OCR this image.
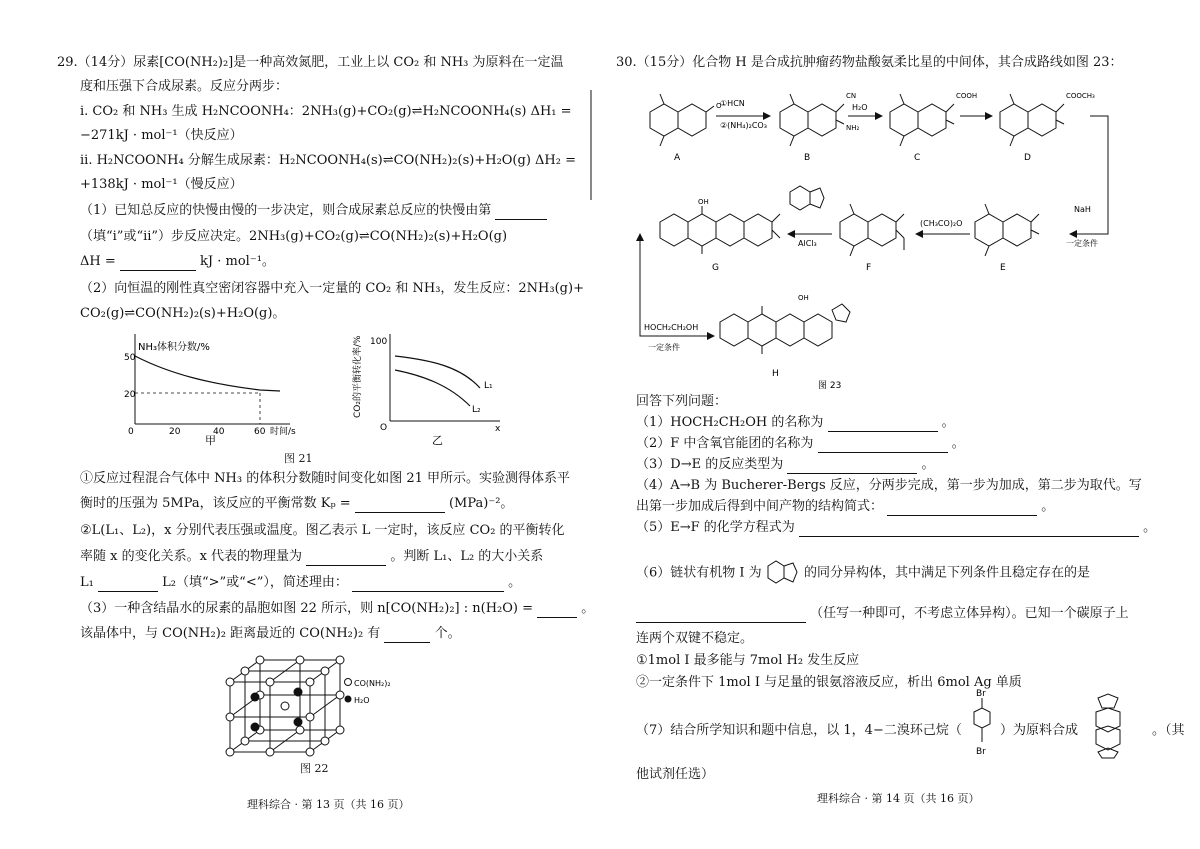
29.（14分）尿素[CO(NH₂)₂]是一种高效氮肥，工业上以 CO₂ 和 NH₃ 为原料在一定温
度和压强下合成尿素。反应分两步：
i. CO₂ 和 NH₃ 生成 H₂NCOONH₄：2NH₃(g)+CO₂(g)⇌H₂NCOONH₄(s) ΔH₁ =
−271kJ · mol⁻¹（快反应）
ii. H₂NCOONH₄ 分解生成尿素：H₂NCOONH₄(s)⇌CO(NH₂)₂(s)+H₂O(g) ΔH₂ =
+138kJ · mol⁻¹（慢反应）
（1）已知总反应的快慢由慢的一步决定，则合成尿素总反应的快慢由第
（填“i”或“ii”）步反应决定。2NH₃(g)+CO₂(g)⇌CO(NH₂)₂(s)+H₂O(g)
ΔH =	kJ · mol⁻¹。
（2）向恒温的刚性真空密闭容器中充入一定量的 CO₂ 和 NH₃，发生反应：2NH₃(g)+
CO₂(g)⇌CO(NH₂)₂(s)+H₂O(g)。
NH₃体积分数/%
50
20
0	20	40	60 时间/s
甲
L₁
L₂
100
x
O
CO₂的平衡转化率/%
乙
图 21
①反应过程混合气体中 NH₃ 的体积分数随时间变化如图 21 甲所示。实验测得体系平
衡时的压强为 5MPa，该反应的平衡常数 Kₚ =	(MPa)⁻²。
②L(L₁、L₂)，x 分别代表压强或温度。图乙表示 L 一定时，该反应 CO₂ 的平衡转化
率随 x 的变化关系。x 代表的物理量为	。判断 L₁、L₂ 的大小关系
L₁	L₂（填“>”或“<”），简述理由：	。
（3）一种含结晶水的尿素的晶胞如图 22 所示，则 n[CO(NH₂)₂] : n(H₂O) =	。
该晶体中，与 CO(NH₂)₂ 距离最近的 CO(NH₂)₂ 有	个。
CO(NH₂)₂
H₂O
图 22
理科综合 · 第 13 页（共 16 页）
30.（15分）化合物 H 是合成抗肿瘤药物盐酸氨柔比星的中间体，其合成路线如图 23：
A	B	C	D
E
F
G
H
①HCN
②(NH₄)₂CO₃
H₂O
NaH
一定条件
(CH₃CO)₂O
AlCl₃
HOCH₂CH₂OH
一定条件
CN
NH₂
COOH	COOCH₃
O
OH
OH
图 23
回答下列问题：
（1）HOCH₂CH₂OH 的名称为	。
（2）F 中含氧官能团的名称为	。
（3）D→E 的反应类型为	。
（4）A→B 为 Bucherer-Bergs 反应，分两步完成，第一步为加成，第二步为取代。写
出第一步加成后得到中间产物的结构简式：	。
（5）E→F 的化学方程式为	。
（6）链状有机物 I 为	的同分异构体，其中满足下列条件且稳定存在的是
（任写一种即可，不考虑立体异构）。已知一个碳原子上
连两个双键不稳定。
①1mol I 最多能与 7mol H₂ 发生反应
②一定条件下 1mol I 与足量的银氨溶液反应，析出 6mol Ag 单质
（7）结合所学知识和题中信息，以 1，4−二溴环己烷（
Br
Br
）为原料合成	。（其
他试剂任选）
理科综合 · 第 14 页（共 16 页）
